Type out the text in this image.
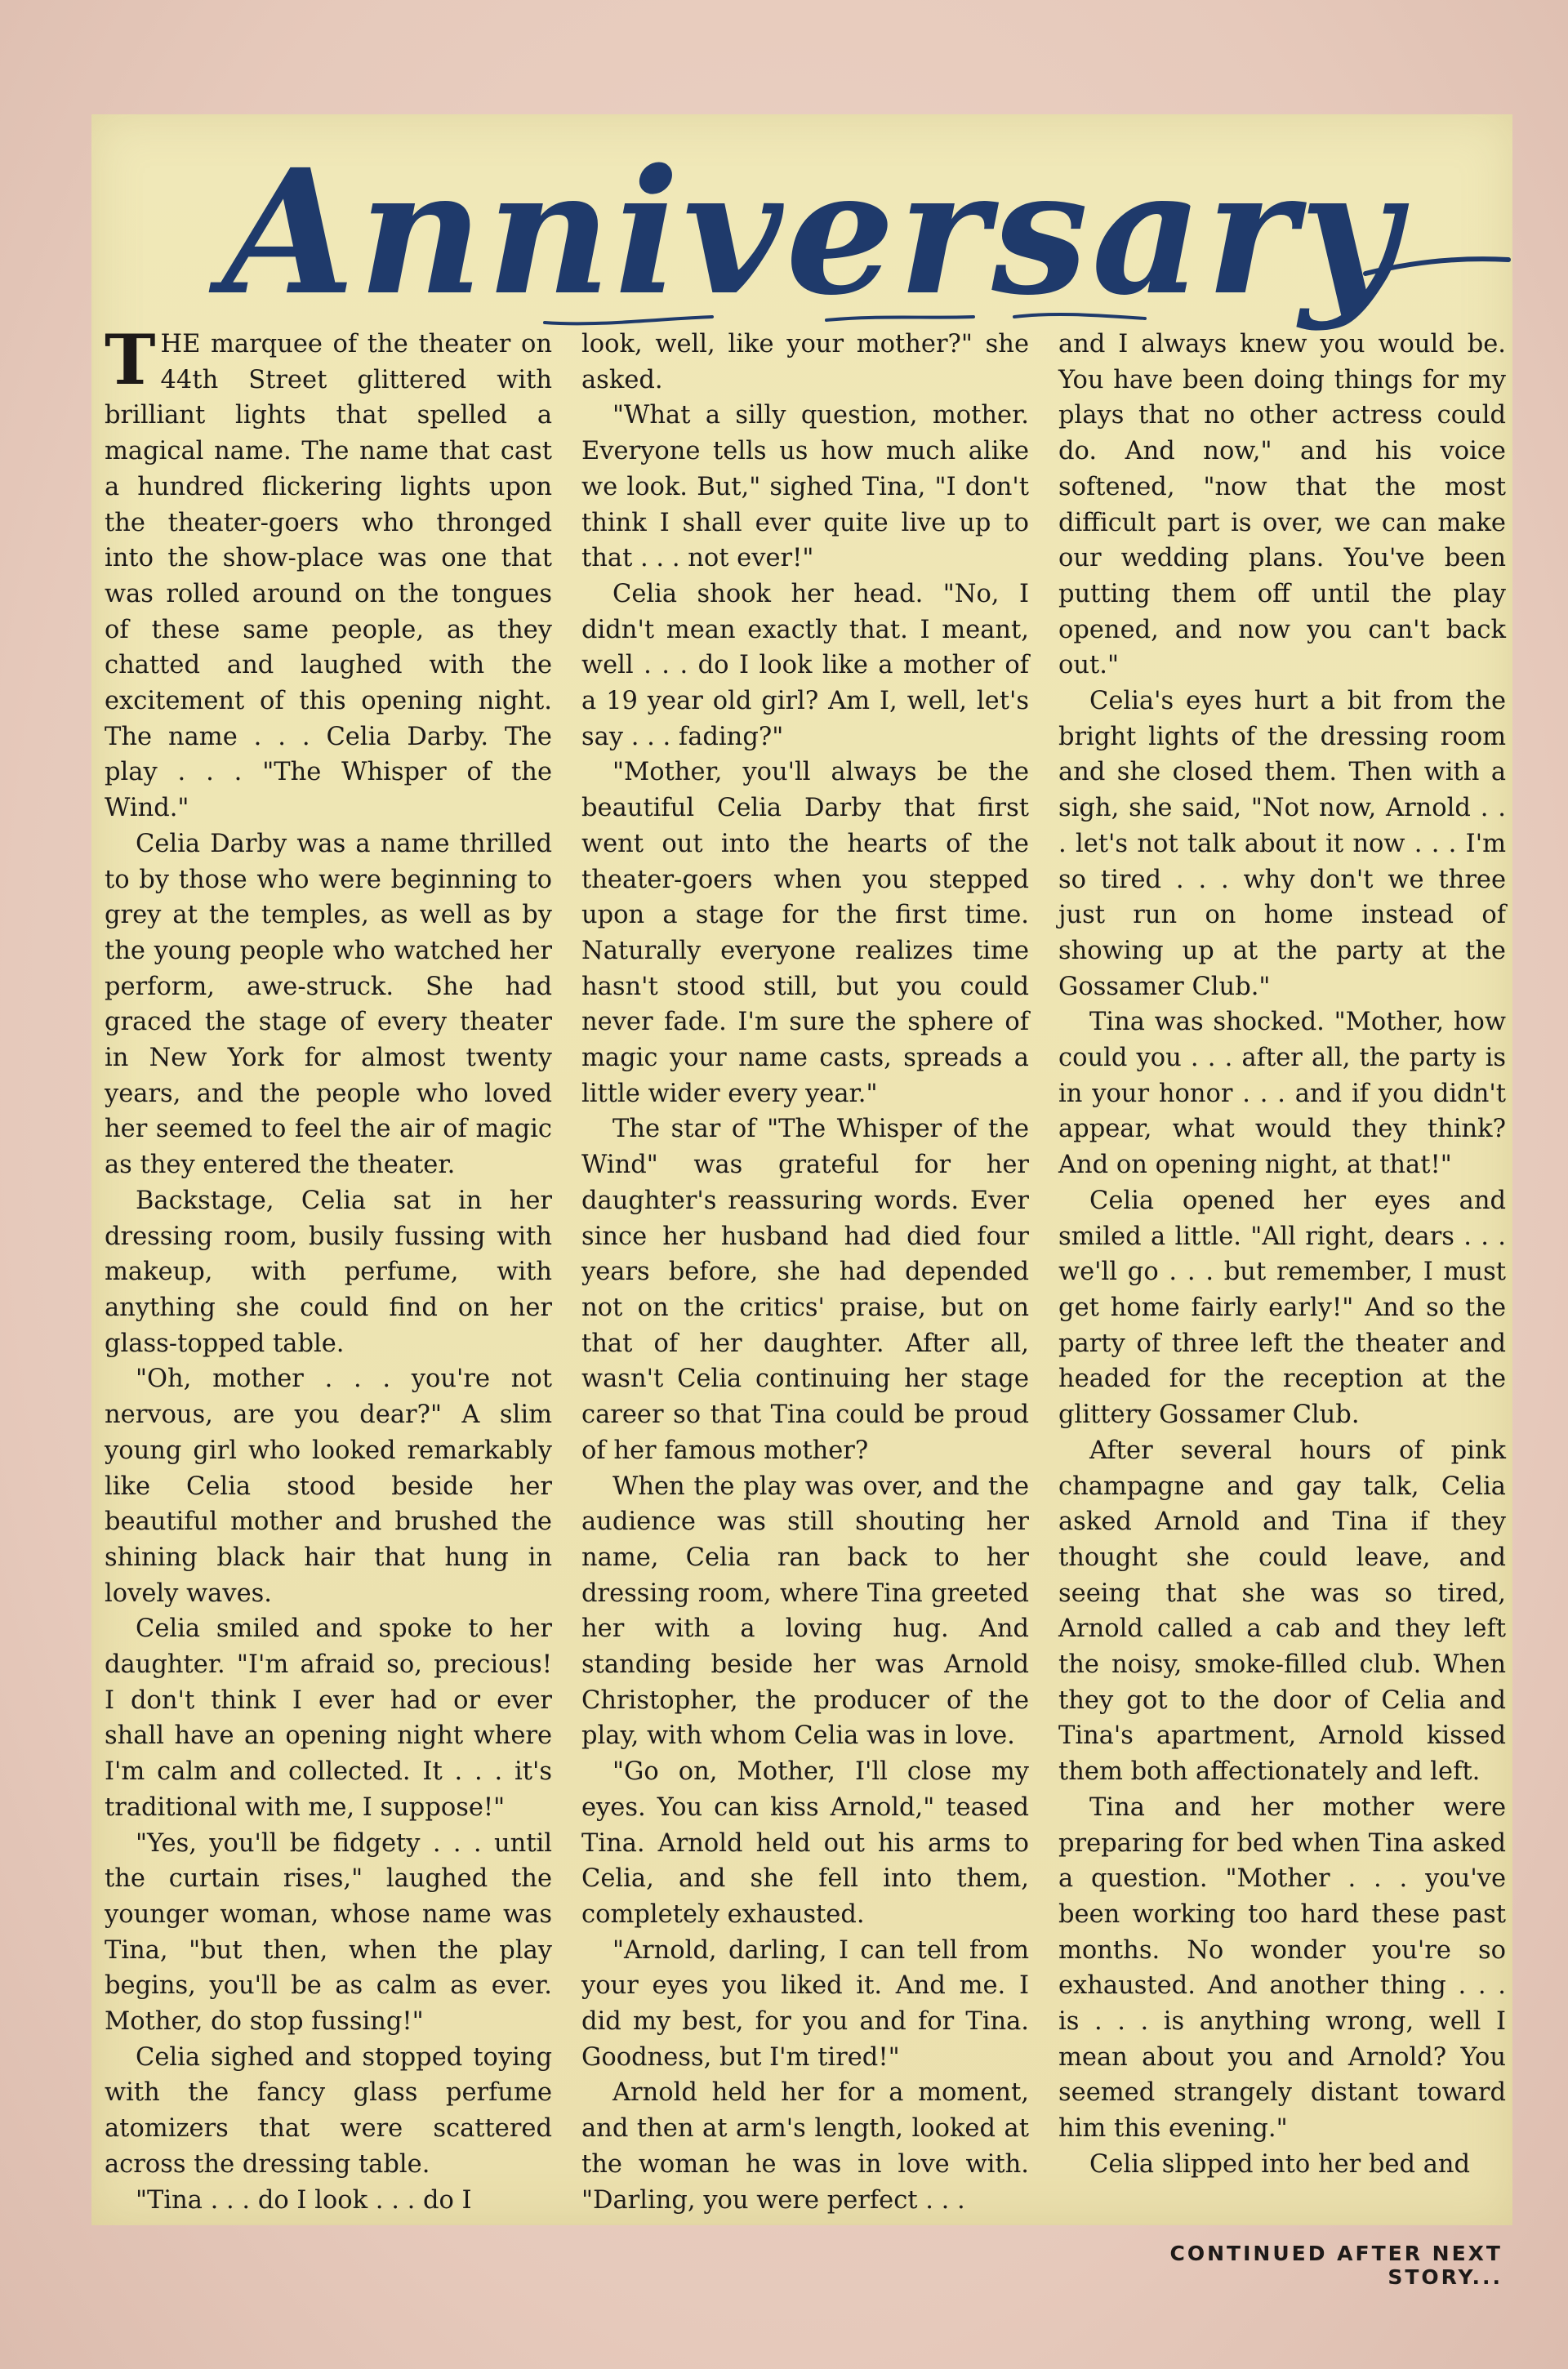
Anniversary

THE marquee of the theater on 44th Street glittered with brilliant lights that spelled a magical name. The name that cast a hundred flickering lights upon the theater-goers who thronged into the show-place was one that was rolled around on the tongues of these same people, as they chatted and laughed with the excitement of this opening night. The name . . . Celia Darby. The play . . . "The Whisper of the Wind."

Celia Darby was a name thrilled to by those who were beginning to grey at the temples, as well as by the young people who watched her perform, awe-struck. She had graced the stage of every theater in New York for almost twenty years, and the people who loved her seemed to feel the air of magic as they entered the theater.

Backstage, Celia sat in her dressing room, busily fussing with makeup, with perfume, with anything she could find on her glass-topped table.

"Oh, mother . . . you're not nervous, are you dear?" A slim young girl who looked remarkably like Celia stood beside her beautiful mother and brushed the shining black hair that hung in lovely waves.

Celia smiled and spoke to her daughter. "I'm afraid so, precious! I don't think I ever had or ever shall have an opening night where I'm calm and collected. It . . . it's traditional with me, I suppose!"

"Yes, you'll be fidgety . . . until the curtain rises," laughed the younger woman, whose name was Tina, "but then, when the play begins, you'll be as calm as ever. Mother, do stop fussing!"

Celia sighed and stopped toying with the fancy glass perfume atomizers that were scattered across the dressing table.

"Tina . . . do I look . . . do I

look, well, like your mother?" she asked.

"What a silly question, mother. Everyone tells us how much alike we look. But," sighed Tina, "I don't think I shall ever quite live up to that . . . not ever!"

Celia shook her head. "No, I didn't mean exactly that. I meant, well . . . do I look like a mother of a 19 year old girl? Am I, well, let's say . . . fading?"

"Mother, you'll always be the beautiful Celia Darby that first went out into the hearts of the theater-goers when you stepped upon a stage for the first time. Naturally everyone realizes time hasn't stood still, but you could never fade. I'm sure the sphere of magic your name casts, spreads a little wider every year."

The star of "The Whisper of the Wind" was grateful for her daughter's reassuring words. Ever since her husband had died four years before, she had depended not on the critics' praise, but on that of her daughter. After all, wasn't Celia continuing her stage career so that Tina could be proud of her famous mother?

When the play was over, and the audience was still shouting her name, Celia ran back to her dressing room, where Tina greeted her with a loving hug. And standing beside her was Arnold Christopher, the producer of the play, with whom Celia was in love.

"Go on, Mother, I'll close my eyes. You can kiss Arnold," teased Tina. Arnold held out his arms to Celia, and she fell into them, completely exhausted.

"Arnold, darling, I can tell from your eyes you liked it. And me. I did my best, for you and for Tina. Goodness, but I'm tired!"

Arnold held her for a moment, and then at arm's length, looked at the woman he was in love with. "Darling, you were perfect . . .

and I always knew you would be. You have been doing things for my plays that no other actress could do. And now," and his voice softened, "now that the most difficult part is over, we can make our wedding plans. You've been putting them off until the play opened, and now you can't back out."

Celia's eyes hurt a bit from the bright lights of the dressing room and she closed them. Then with a sigh, she said, "Not now, Arnold . . . let's not talk about it now . . . I'm so tired . . . why don't we three just run on home instead of showing up at the party at the Gossamer Club."

Tina was shocked. "Mother, how could you . . . after all, the party is in your honor . . . and if you didn't appear, what would they think? And on opening night, at that!"

Celia opened her eyes and smiled a little. "All right, dears . . . we'll go . . . but remember, I must get home fairly early!" And so the party of three left the theater and headed for the reception at the glittery Gossamer Club.

After several hours of pink champagne and gay talk, Celia asked Arnold and Tina if they thought she could leave, and seeing that she was so tired, Arnold called a cab and they left the noisy, smoke-filled club. When they got to the door of Celia and Tina's apartment, Arnold kissed them both affectionately and left.

Tina and her mother were preparing for bed when Tina asked a question. "Mother . . . you've been working too hard these past months. No wonder you're so exhausted. And another thing . . . is . . . is anything wrong, well I mean about you and Arnold? You seemed strangely distant toward him this evening."

Celia slipped into her bed and

CONTINUED AFTER NEXT STORY...
